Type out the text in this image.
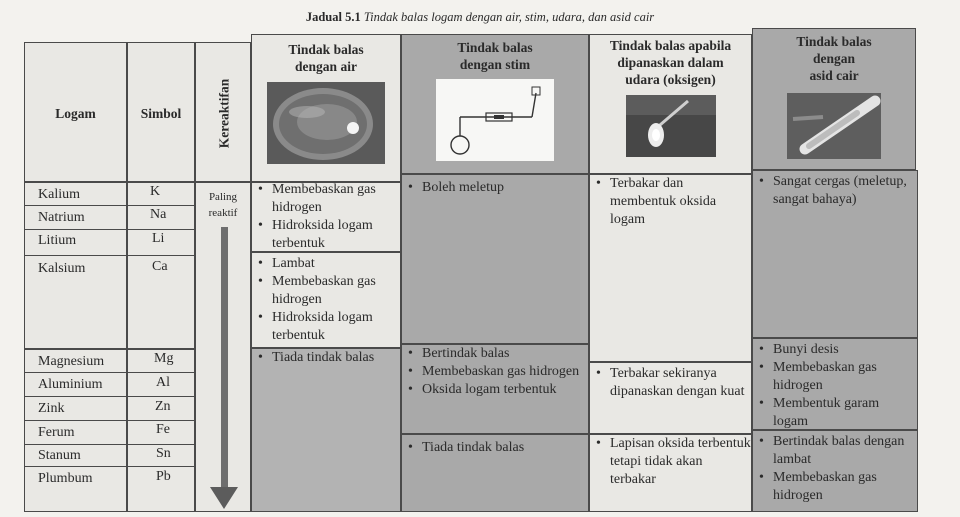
Jadual 5.1 Tindak balas logam dengan air, stim, udara, dan asid cair
Logam	Simbol	Kereaktifan
Tindak balas
dengan air
Tindak balas
dengan stim
Tindak balas apabila
dipanaskan dalam
udara (oksigen)
Tindak balas
dengan
asid cair
Kalium
Natrium
Litium
Kalsium
Magnesium
Aluminium
Zink
Ferum
Stanum
Plumbum
K
Na
Li
Ca
Mg
Al
Zn
Fe
Sn
Pb
Paling
reaktif
• Membebaskan gas hidrogen
• Hidroksida logam terbentuk
• Lambat
• Membebaskan gas hidrogen
• Hidroksida logam terbentuk
• Tiada tindak balas
• Boleh meletup
• Bertindak balas
• Membebaskan gas hidrogen
• Oksida logam terbentuk
• Tiada tindak balas
• Terbakar dan membentuk oksida logam
• Terbakar sekiranya dipanaskan dengan kuat
• Lapisan oksida terbentuk tetapi tidak akan terbakar
• Sangat cergas (meletup, sangat bahaya)
• Bunyi desis
• Membebaskan gas hidrogen
• Membentuk garam logam
• Bertindak balas dengan lambat
• Membebaskan gas hidrogen
